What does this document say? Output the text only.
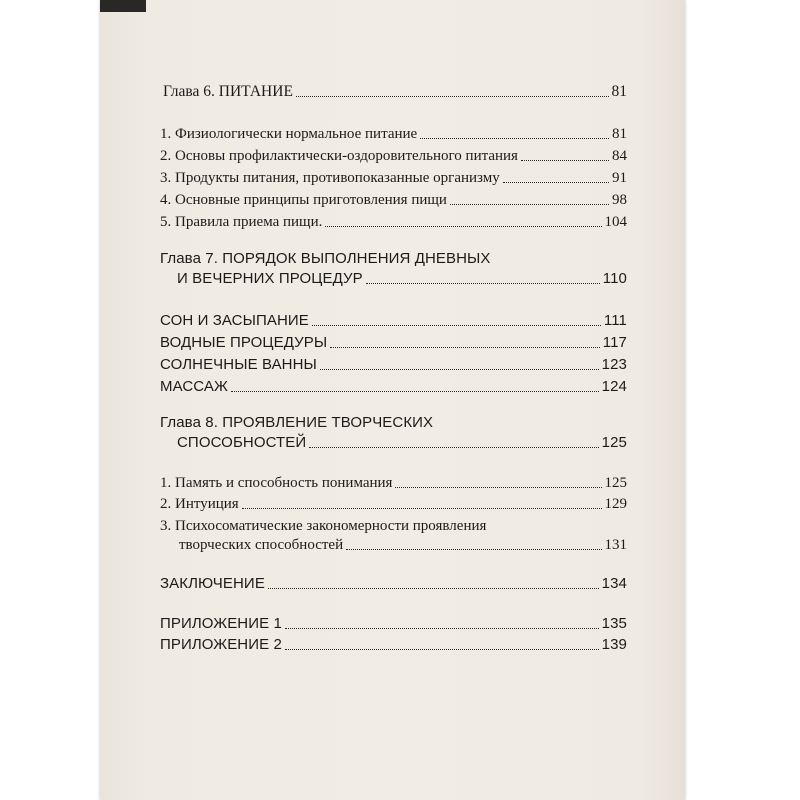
Глава 6. ПИТАНИЕ	81
1. Физиологически нормальное питание	81
2. Основы профилактически-оздоровительного питания	84
3. Продукты питания, противопоказанные организму	91
4. Основные принципы приготовления пищи	98
5. Правила приема пищи.	104
Глава 7. ПОРЯДОК ВЫПОЛНЕНИЯ ДНЕВНЫХ
И ВЕЧЕРНИХ ПРОЦЕДУР	110
СОН И ЗАСЫПАНИЕ	111
ВОДНЫЕ ПРОЦЕДУРЫ	117
СОЛНЕЧНЫЕ ВАННЫ	123
МАССАЖ	124
Глава 8. ПРОЯВЛЕНИЕ ТВОРЧЕСКИХ
СПОСОБНОСТЕЙ	125
1. Память и способность понимания	125
2. Интуиция	129
3. Психосоматические закономерности проявления
творческих способностей	131
ЗАКЛЮЧЕНИЕ	134
ПРИЛОЖЕНИЕ 1	135
ПРИЛОЖЕНИЕ 2	139
